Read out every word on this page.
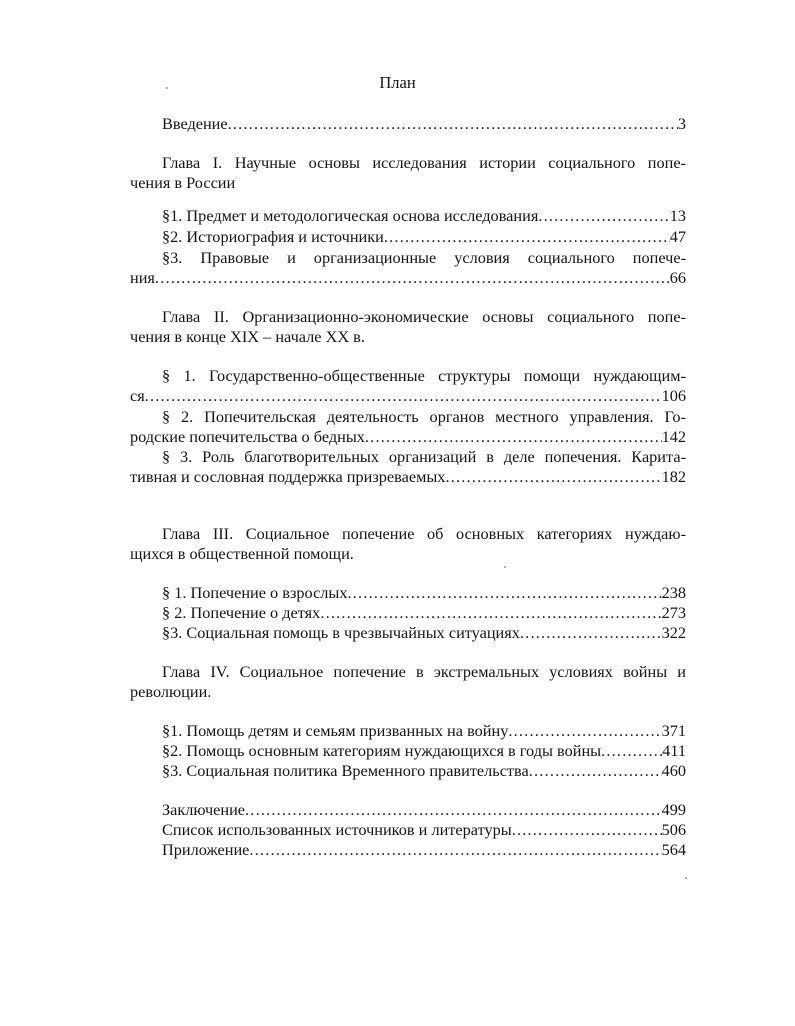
План
Введение .....	3
Глава I. Научные основы исследования истории социального попе-
чения в России
§1. Предмет и методологическая основа исследования .....	13
§2. Историография и источники .....	47
§3. Правовые и организационные условия социального попече-
ния .....	66
Глава II. Организационно-экономические основы социального попе-
чения в конце XIX – начале XX в.
§ 1. Государственно-общественные структуры помощи нуждающим-
ся .....	106
§ 2. Попечительская деятельность органов местного управления. Го-
родские попечительства о бедных .....	142
§ 3. Роль благотворительных организаций в деле попечения. Карита-
тивная и сословная поддержка призреваемых .....	182
Глава III. Социальное попечение об основных категориях нуждаю-
щихся в общественной помощи.
§ 1. Попечение о взрослых .....	238
§ 2. Попечение о детях .....	273
§3. Социальная помощь в чрезвычайных ситуациях .....	322
Глава IV. Социальное попечение в экстремальных условиях войны и
революции.
§1. Помощь детям и семьям призванных на войну .....	371
§2. Помощь основным категориям нуждающихся в годы войны .....	411
§3. Социальная политика Временного правительства .....	460
Заключение .....	499
Список использованных источников и литературы .....	506
Приложение .....	564
